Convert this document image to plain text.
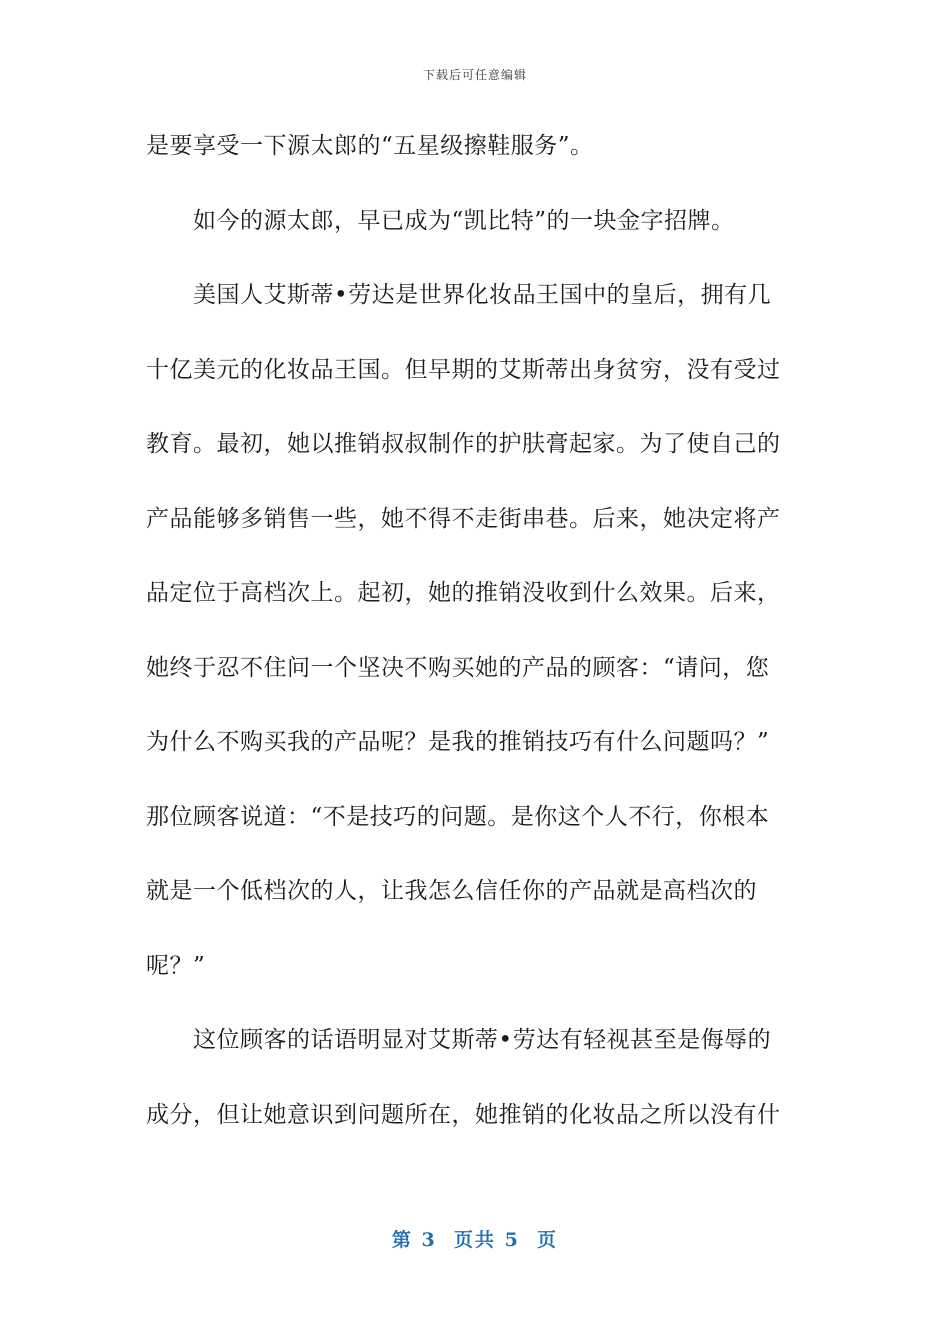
下载后可任意编辑
是要享受一下源太郎的“五星级擦鞋服务”。
如今的源太郎，早已成为“凯比特”的一块金字招牌。
美国人艾斯蒂•劳达是世界化妆品王国中的皇后，拥有几
十亿美元的化妆品王国。但早期的艾斯蒂出身贫穷，没有受过
教育。最初，她以推销叔叔制作的护肤膏起家。为了使自己的
产品能够多销售一些，她不得不走街串巷。后来，她决定将产
品定位于高档次上。起初，她的推销没收到什么效果。后来，
她终于忍不住问一个坚决不购买她的产品的顾客：“请问，您
为什么不购买我的产品呢？是我的推销技巧有什么问题吗？”
那位顾客说道：“不是技巧的问题。是你这个人不行，你根本
就是一个低档次的人，让我怎么信任你的产品就是高档次的
呢？”
这位顾客的话语明显对艾斯蒂•劳达有轻视甚至是侮辱的
成分，但让她意识到问题所在，她推销的化妆品之所以没有什
第 3  页共 5  页
